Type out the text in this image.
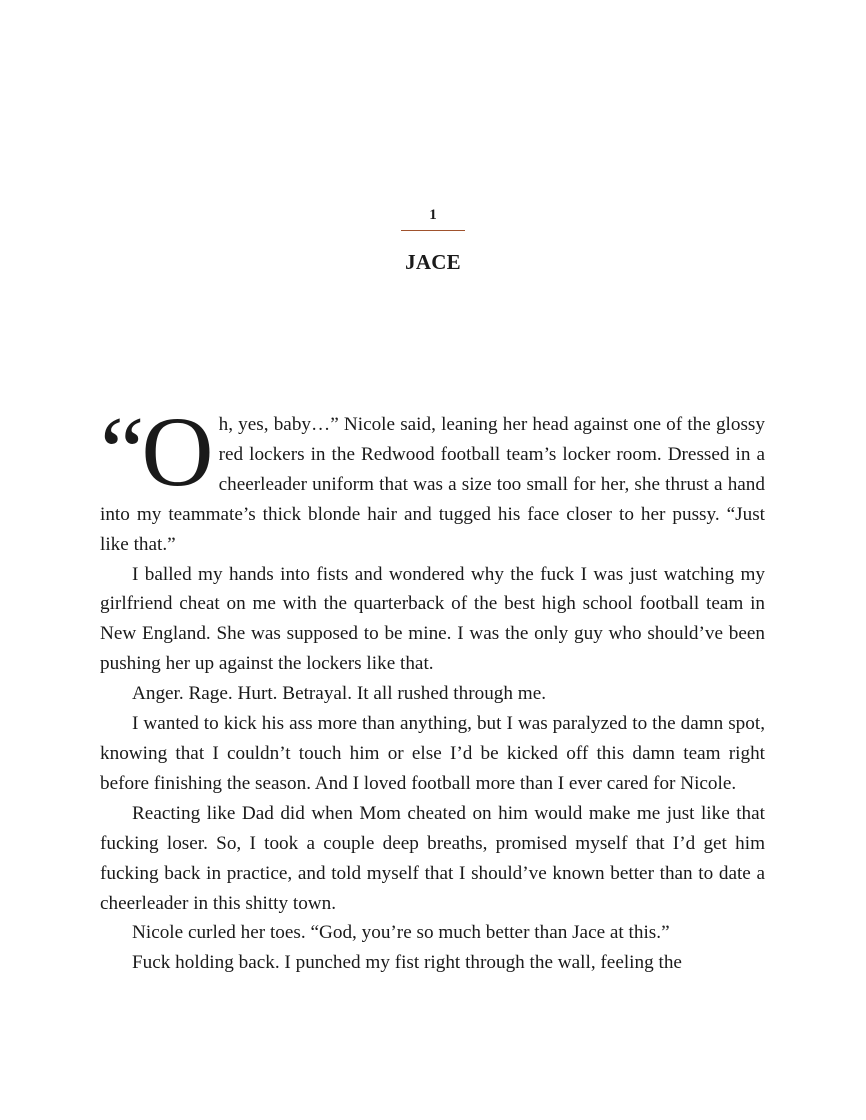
1
JACE

“Oh, yes, baby…” Nicole said, leaning her head against one of the glossy red lockers in the Redwood football team’s locker room. Dressed in a cheerleader uniform that was a size too small for her, she thrust a hand into my teammate’s thick blonde hair and tugged his face closer to her pussy. “Just like that.”

I balled my hands into fists and wondered why the fuck I was just watching my girlfriend cheat on me with the quarterback of the best high school football team in New England. She was supposed to be mine. I was the only guy who should’ve been pushing her up against the lockers like that.

Anger. Rage. Hurt. Betrayal. It all rushed through me.

I wanted to kick his ass more than anything, but I was paralyzed to the damn spot, knowing that I couldn’t touch him or else I’d be kicked off this damn team right before finishing the season. And I loved football more than I ever cared for Nicole.

Reacting like Dad did when Mom cheated on him would make me just like that fucking loser. So, I took a couple deep breaths, promised myself that I’d get him fucking back in practice, and told myself that I should’ve known better than to date a cheerleader in this shitty town.

Nicole curled her toes. “God, you’re so much better than Jace at this.”

Fuck holding back. I punched my fist right through the wall, feeling the
